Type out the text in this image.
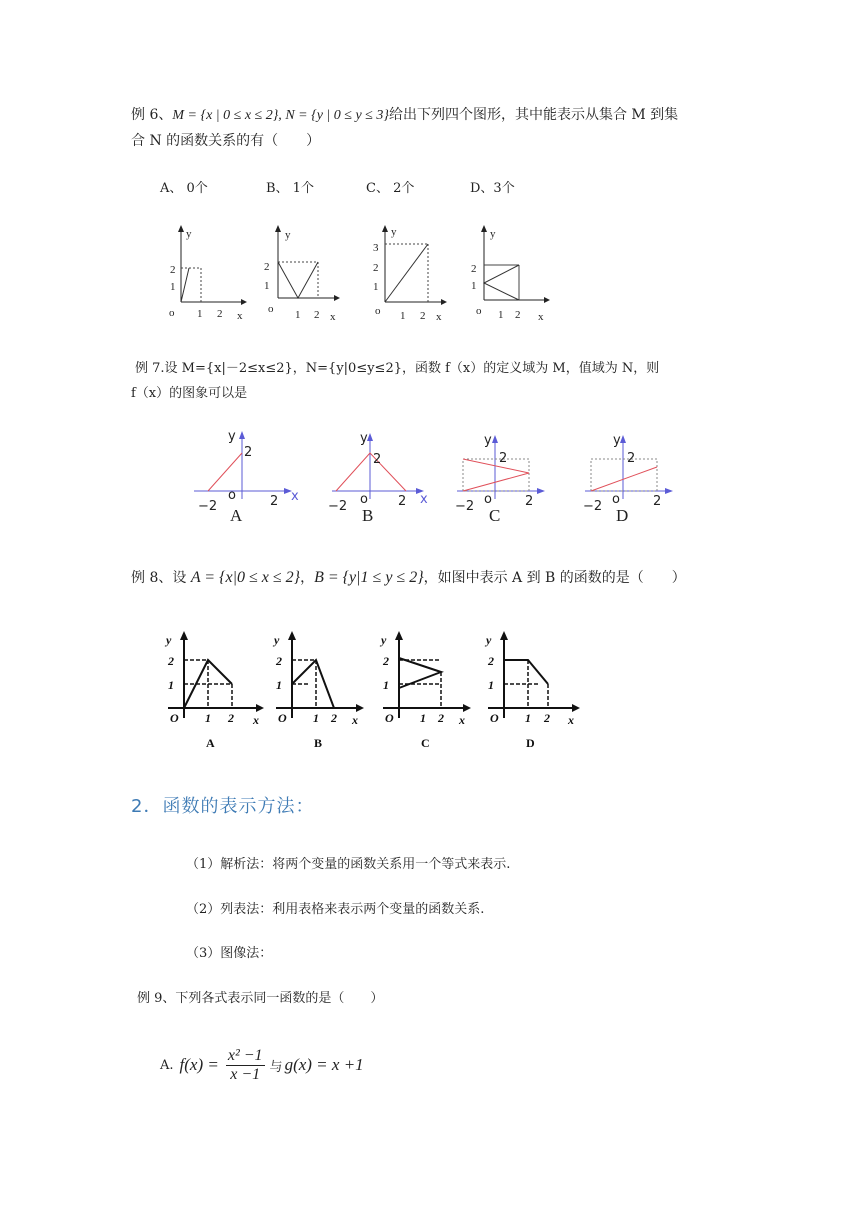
例 6、M = {x | 0 ≤ x ≤ 2}, N = {y | 0 ≤ y ≤ 3}给出下列四个图形，其中能表示从集合 M 到集
合 N 的函数关系的有（　　）
A、 0个	B、 1个	C、 2个	D、3个
y
2
1
o 1 2 x
y
2
1
o 1 2 x
y
3
2
1
o 1 2 x
y
2
1
o 1 2 x
例 7.设 M={x|－2≤x≤2}，N={y|0≤y≤2}，函数 f（x）的定义域为 M，值域为 N，则
f（x）的图象可以是
y
2
o
−2	2 x
A
y
2
o
−2	2 x
B
y
2
o
−2	2
C
y
2
o
−2	2
D
例 8、设 A = {x|0 ≤ x ≤ 2}，B = {y|1 ≤ y ≤ 2}，如图中表示 A 到 B 的函数的是（　　）
y
2
1
O 1 2 x
A
y
2
1
O 1 2 x
B
y
2
1
O 1 2 x
C
y
2
1
O 1 2 x
D
2．函数的表示方法：
（1）解析法：将两个变量的函数关系用一个等式来表示.
（2）列表法：利用表格来表示两个变量的函数关系.
（3）图像法：
例 9、下列各式表示同一函数的是（　　）
A. $f(x) = \frac{\text{x² −1}}{x -1}$ 与 g(x) = x +1
